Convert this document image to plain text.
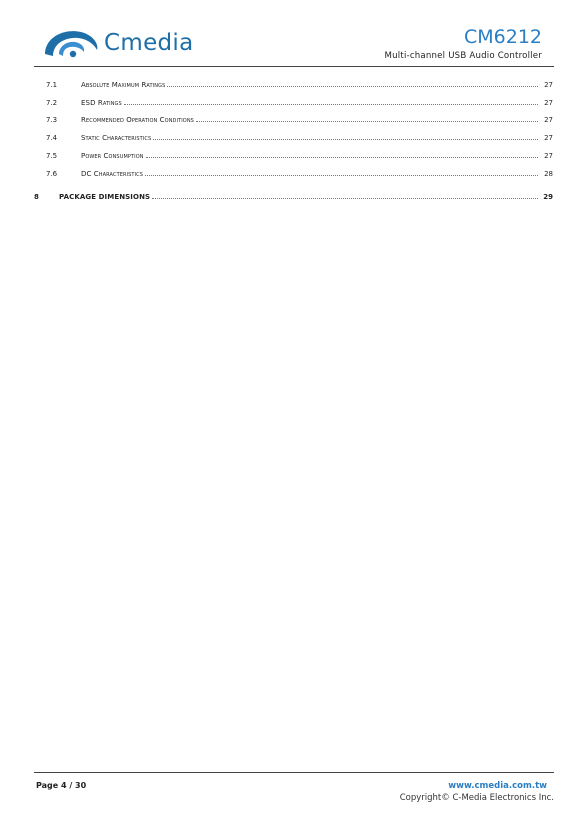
Cmedia	CM6212
Multi-channel USB Audio Controller
7.1	Absolute Maximum Ratings	27
7.2	ESD Ratings	27
7.3	Recommended Operation Conditions	27
7.4	Static Characteristics	27
7.5	Power Consumption	27
7.6	DC Characteristics	28
8	PACKAGE DIMENSIONS	29
Page 4 / 30	www.cmedia.com.tw
Copyright© C-Media Electronics Inc.
